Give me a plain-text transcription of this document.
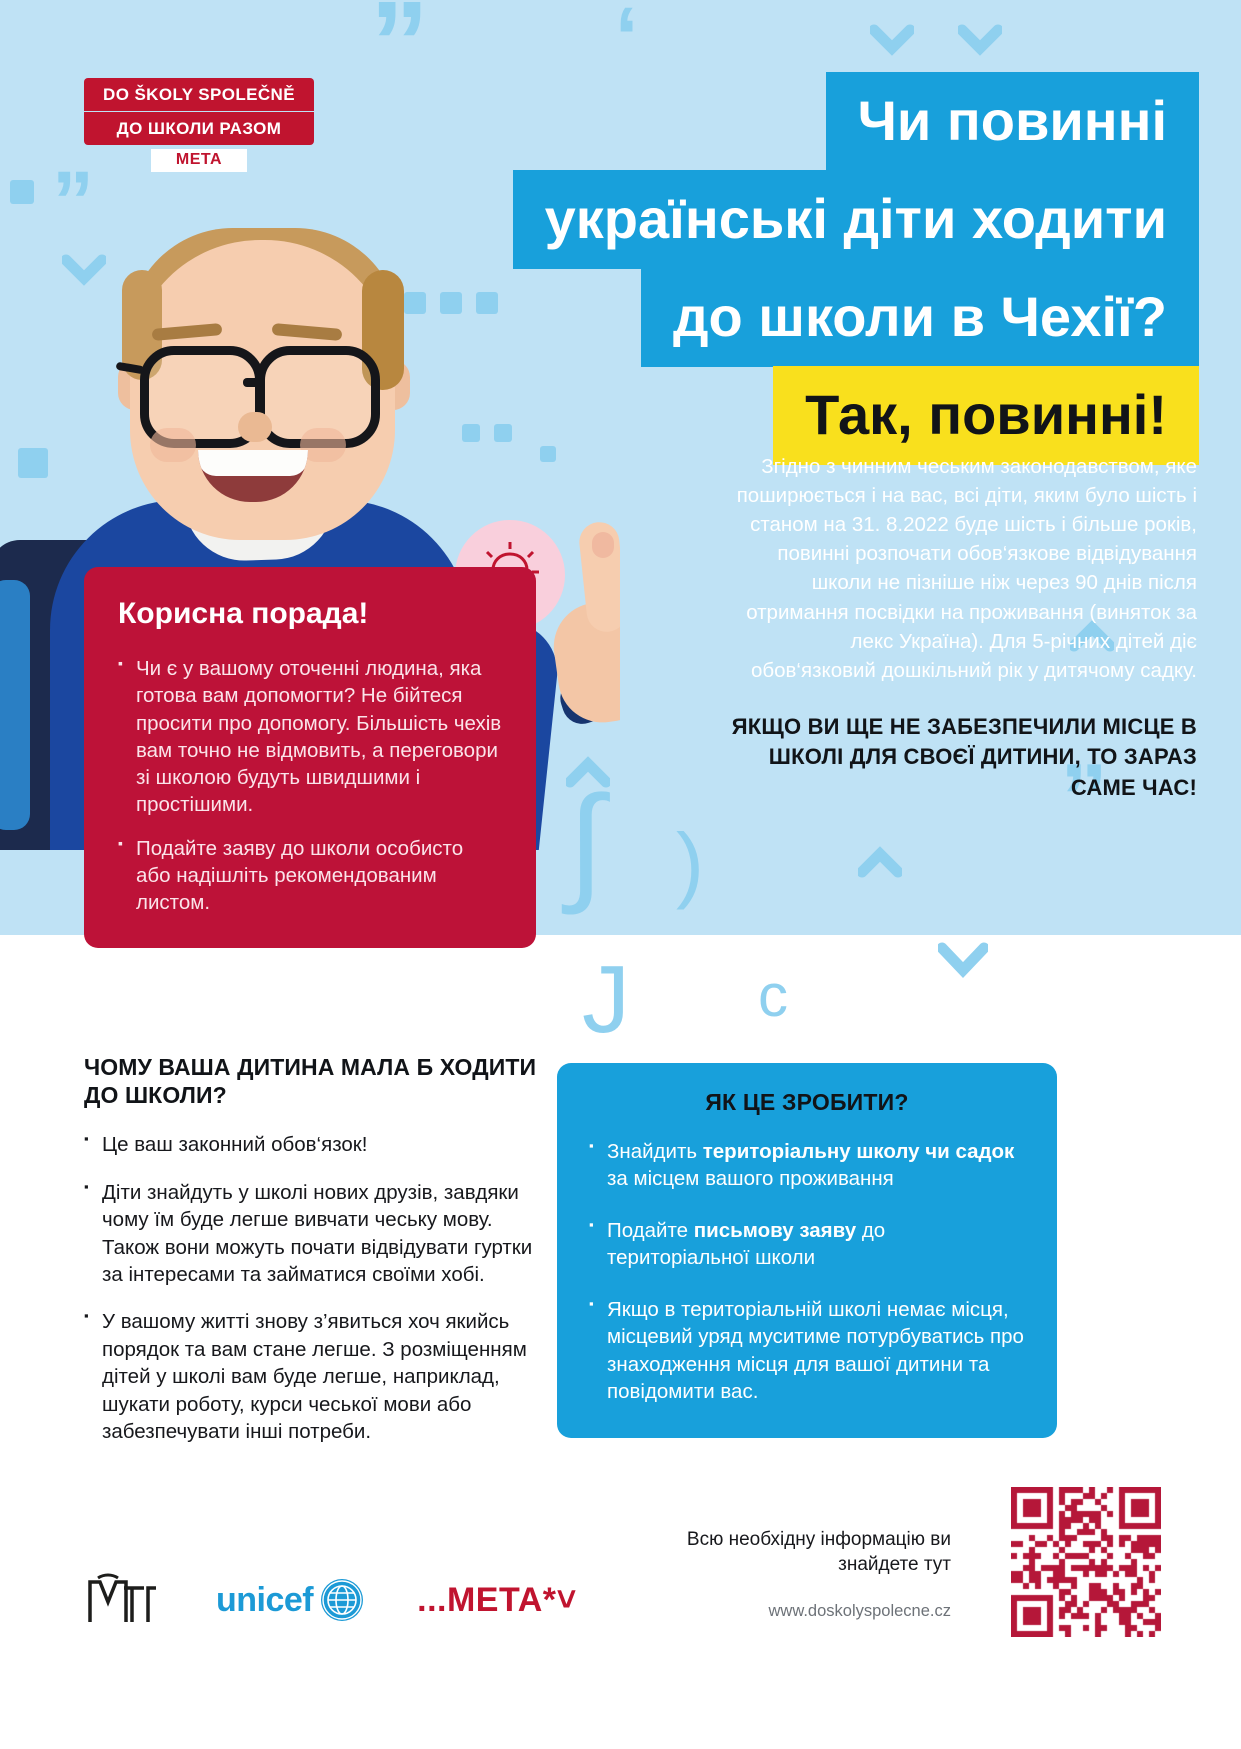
” ‘
”
”
∫ )
J c
DO ŠKOLY SPOLEČNĚ
ДО ШКОЛИ РАЗОМ
META
Чи повинні
українські діти ходити
до школи в Чехії?
Так, повинні!
Згідно з чинним чеським законодавством, яке поширюється і на вас, всі діти, яким було шість і станом на 31. 8.2022 буде шість і більше років, повинні розпочати обов‘язкове відвідування школи не пізніше ніж через 90 днів після отримання посвідки на проживання (виняток за лекс Україна). Для 5-річних дітей діє обов‘язковий дошкільний рік у дитячому садку.
ЯКЩО ВИ ЩЕ НЕ ЗАБЕЗПЕЧИЛИ МІСЦЕ В ШКОЛІ ДЛЯ СВОЄЇ ДИТИНИ, ТО ЗАРАЗ САМЕ ЧАС!
Корисна порада!
▪ Чи є у вашому оточенні людина, яка готова вам допомогти? Не бійтеся просити про допомогу. Більшість чехів вам точно не відмовить, а переговори зі школою будуть швидшими і простішими.
▪ Подайте заяву до школи особисто або надішліть рекомендованим листом.
ЧОМУ ВАША ДИТИНА МАЛА Б ХОДИТИ ДО ШКОЛИ?
▪ Це ваш законний обов‘язок!
▪ Діти знайдуть у школі нових друзів, завдяки чому їм буде легше вивчати чеську мову. Також вони можуть почати відвідувати гуртки за інтересами та займатися своїми хобі.
▪ У вашому житті знову з’явиться хоч якийсь порядок та вам стане легше. З розміщенням дітей у школі вам буде легше, наприклад, шукати роботу, курси чеської мови або забезпечувати інші потреби.
ЯК ЦЕ ЗРОБИТИ?
▪ Знайдить територіальну школу чи садок за місцем вашого проживання
▪ Подайте письмову заяву до територіальної школи
▪ Якщо в територіальній школі немає місця, місцевий уряд муситиме потурбуватись про знаходження місця для вашої дитини та повідомити вас.
Всю необхідну інформацію ви знайдете тут
www.doskolyspolecne.cz
unicef	...META*˅
